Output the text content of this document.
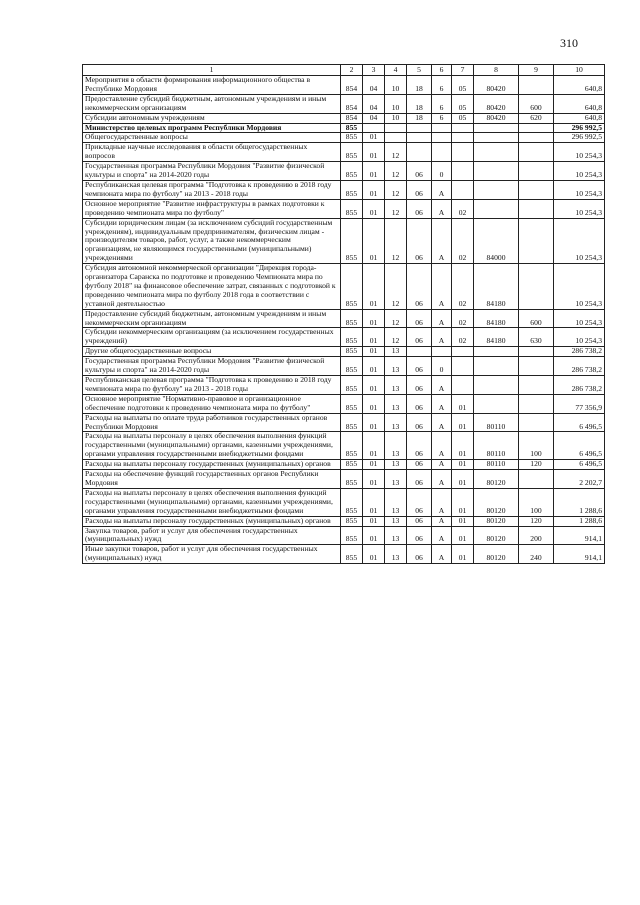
310
1	2	3	4	5	6	7	8	9	10
Мероприятия в области формирования информационного общества в Республике Мордовия	854	04	10	18	6	05	80420		640,8
Предоставление субсидий бюджетным, автономным учреждениям и иным некоммерческим организациям	854	04	10	18	6	05	80420	600	640,8
Субсидии автономным учреждениям	854	04	10	18	6	05	80420	620	640,8
Министерство целевых программ Республики Мордовия	855								296 992,5
Общегосударственные вопросы	855	01							296 992,5
Прикладные научные исследования в области общегосударственных вопросов	855	01	12						10 254,3
Государственная программа Республики Мордовия "Развитие физической культуры и спорта" на 2014-2020 годы	855	01	12	06	0				10 254,3
Республиканская целевая программа "Подготовка к проведению в 2018 году чемпионата мира по футболу" на 2013 - 2018 годы	855	01	12	06	А				10 254,3
Основное мероприятие "Развитие инфраструктуры в рамках подготовки к проведению чемпионата мира по футболу"	855	01	12	06	А	02			10 254,3
Субсидии юридическим лицам (за исключением субсидий государственным учреждениям), индивидуальным предпринимателям, физическим лицам - производителям товаров, работ, услуг, а также некоммерческим организациям, не являющимся государственными (муниципальными) учреждениями	855	01	12	06	А	02	84000		10 254,3
Субсидия автономной некоммерческой организации "Дирекция города-организатора Саранска по подготовке и проведению Чемпионата мира по футболу 2018" на финансовое обеспечение затрат, связанных с подготовкой к проведению чемпионата мира по футболу 2018 года в соответствии с уставной деятельностью	855	01	12	06	А	02	84180		10 254,3
Предоставление субсидий бюджетным, автономным учреждениям и иным некоммерческим организациям	855	01	12	06	А	02	84180	600	10 254,3
Субсидии некоммерческим организациям (за исключением государственных учреждений)	855	01	12	06	А	02	84180	630	10 254,3
Другие общегосударственные вопросы	855	01	13						286 738,2
Государственная программа Республики Мордовия "Развитие физической культуры и спорта" на 2014-2020 годы	855	01	13	06	0				286 738,2
Республиканская целевая программа "Подготовка к проведению в 2018 году чемпионата мира по футболу" на 2013 - 2018 годы	855	01	13	06	А				286 738,2
Основное мероприятие "Нормативно-правовое и организационное обеспечение подготовки к проведению чемпионата мира по футболу"	855	01	13	06	А	01			77 356,9
Расходы на выплаты по оплате труда работников государственных органов Республики Мордовия	855	01	13	06	А	01	80110		6 496,5
Расходы на выплаты персоналу в целях обеспечения выполнения функций государственными (муниципальными) органами, казенными учреждениями, органами управления государственными внебюджетными фондами	855	01	13	06	А	01	80110	100	6 496,5
Расходы на выплаты персоналу государственных (муниципальных) органов	855	01	13	06	А	01	80110	120	6 496,5
Расходы на обеспечение функций государственных органов Республики Мордовия	855	01	13	06	А	01	80120		2 202,7
Расходы на выплаты персоналу в целях обеспечения выполнения функций государственными (муниципальными) органами, казенными учреждениями, органами управления государственными внебюджетными фондами	855	01	13	06	А	01	80120	100	1 288,6
Расходы на выплаты персоналу государственных (муниципальных) органов	855	01	13	06	А	01	80120	120	1 288,6
Закупка товаров, работ и услуг для обеспечения государственных (муниципальных) нужд	855	01	13	06	А	01	80120	200	914,1
Иные закупки товаров, работ и услуг для обеспечения государственных (муниципальных) нужд	855	01	13	06	А	01	80120	240	914,1
